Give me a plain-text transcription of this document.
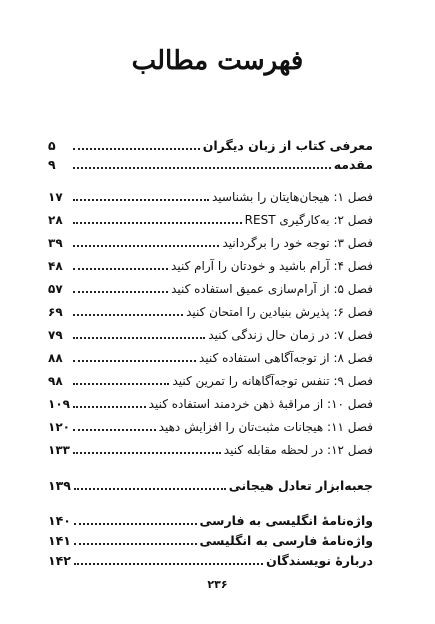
فهرست مطالب
معرفی کتاب از زبان دیگران
۵
مقدمه
۹
فصل ۱: هیجان‌هایتان را بشناسید
۱۷
فصل ۲: به‌کارگیری REST
۲۸
فصل ۳: توجه خود را برگردانید
۳۹
فصل ۴: آرام باشید و خودتان را آرام کنید
۴۸
فصل ۵: از آرام‌سازی عمیق استفاده کنید
۵۷
فصل ۶: پذیرش بنیادین را امتحان کنید
۶۹
فصل ۷: در زمان حال زندگی کنید
۷۹
فصل ۸: از توجه‌آگاهی استفاده کنید
۸۸
فصل ۹: تنفس توجه‌آگاهانه را تمرین کنید
۹۸
فصل ۱۰: از مراقبهٔ ذهن خردمند استفاده کنید
۱۰۹
فصل ۱۱: هیجانات مثبت‌تان را افزایش دهید
۱۲۰
فصل ۱۲: در لحظه مقابله کنید
۱۳۳
جعبه‌ابزار تعادل هیجانی
۱۳۹
واژه‌نامهٔ انگلیسی به فارسی
۱۴۰
واژه‌نامهٔ فارسی به انگلیسی
۱۴۱
دربارهٔ نویسندگان
۱۴۲
۲۳۶
